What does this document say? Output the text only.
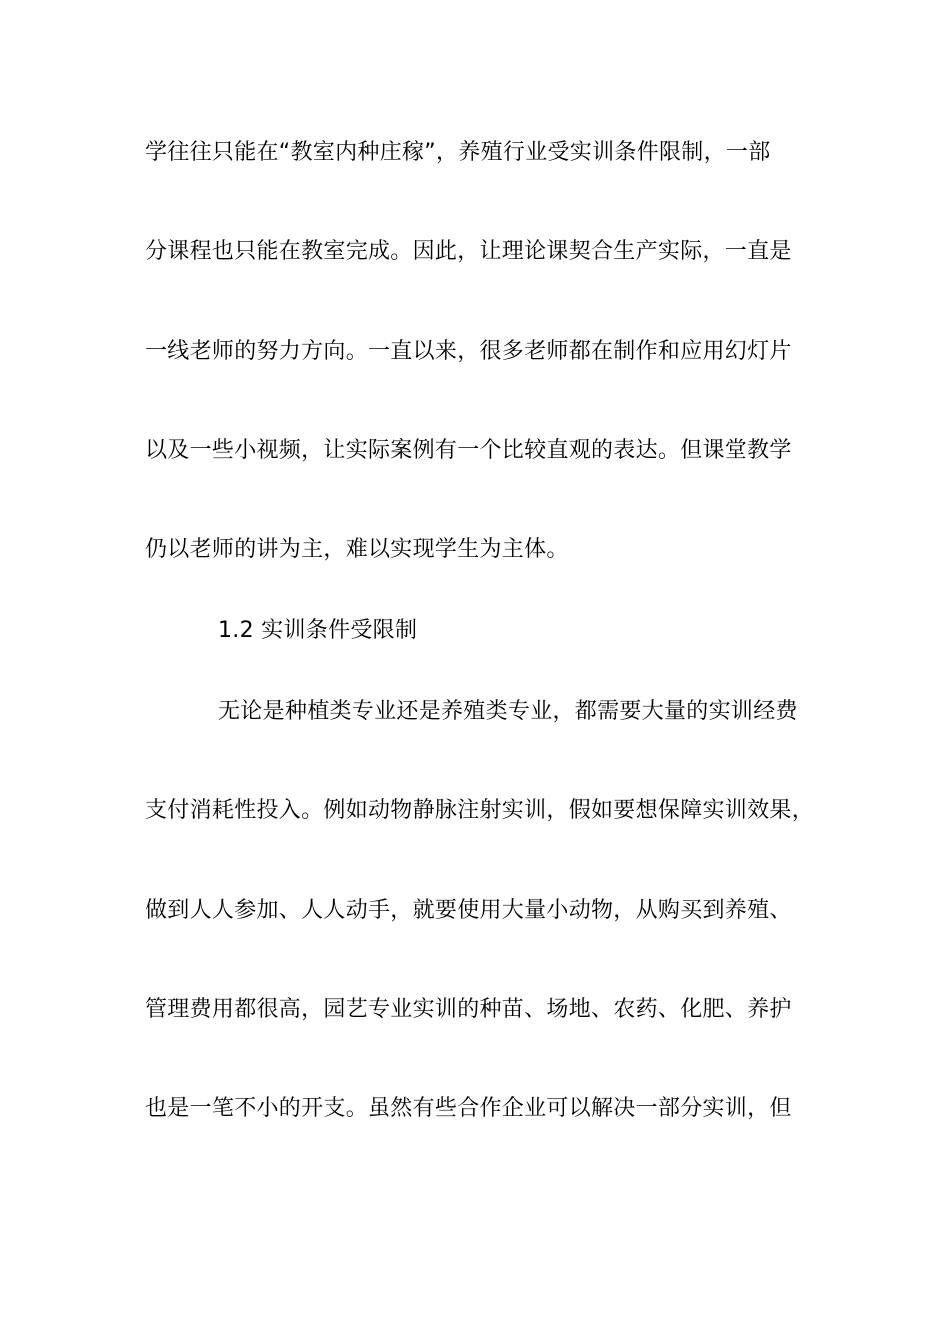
学往往只能在“教室内种庄稼”，养殖行业受实训条件限制，一部
分课程也只能在教室完成。因此，让理论课契合生产实际，一直是
一线老师的努力方向。一直以来，很多老师都在制作和应用幻灯片
以及一些小视频，让实际案例有一个比较直观的表达。但课堂教学
仍以老师的讲为主，难以实现学生为主体。
1.2 实训条件受限制
无论是种植类专业还是养殖类专业，都需要大量的实训经费
支付消耗性投入。例如动物静脉注射实训，假如要想保障实训效果，
做到人人参加、人人动手，就要使用大量小动物，从购买到养殖、
管理费用都很高，园艺专业实训的种苗、场地、农药、化肥、养护
也是一笔不小的开支。虽然有些合作企业可以解决一部分实训，但
